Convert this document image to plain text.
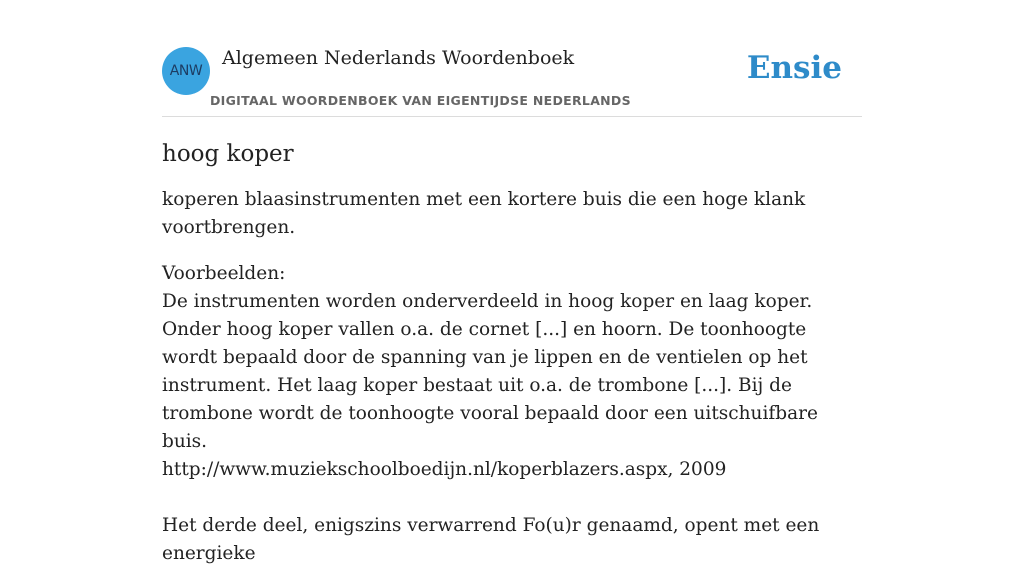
ANW
Algemeen Nederlands Woordenboek
DIGITAAL WOORDENBOEK VAN EIGENTIJDSE NEDERLANDS
Ensie
hoog koper

koperen blaasinstrumenten met een kortere buis die een hoge klank voortbrengen.

Voorbeelden:
De instrumenten worden onderverdeeld in hoog koper en laag koper. Onder hoog koper vallen o.a. de cornet [...] en hoorn. De toonhoogte wordt bepaald door de spanning van je lippen en de ventielen op het instrument. Het laag koper bestaat uit o.a. de trombone [...]. Bij de trombone wordt de toonhoogte vooral bepaald door een uitschuifbare buis.
http://www.muziekschoolboedijn.nl/koperblazers.aspx, 2009
Het derde deel, enigszins verwarrend Fo(u)r genaamd, opent met een energieke
